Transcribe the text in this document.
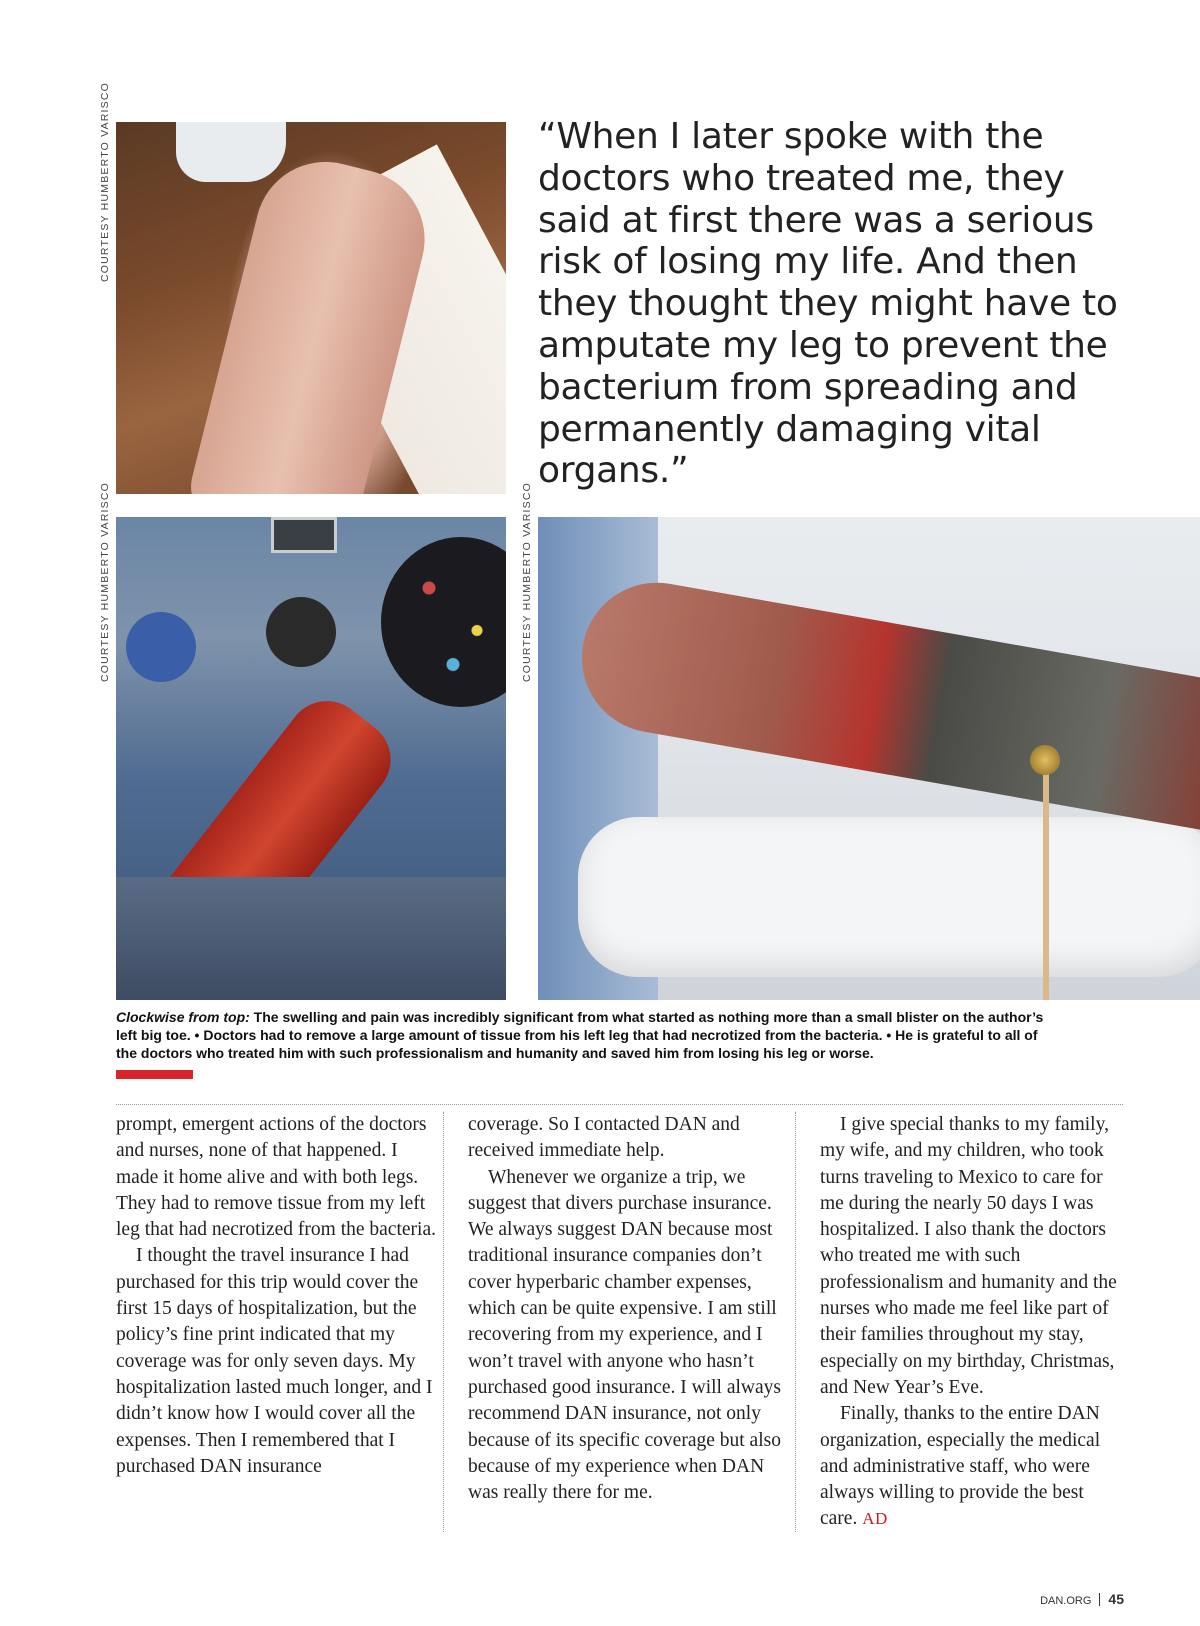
COURTESY HUMBERTO VARISCO
COURTESY HUMBERTO VARISCO	COURTESY HUMBERTO VARISCO
“When I later spoke with the doctors who treated me, they said at first there was a serious risk of losing my life. And then they thought they might have to amputate my leg to prevent the bacterium from spreading and permanently damaging vital organs.”
Clockwise from top: The swelling and pain was incredibly significant from what started as nothing more than a small blister on the author’s left big toe. • Doctors had to remove a large amount of tissue from his left leg that had necrotized from the bacteria. • He is grateful to all of the doctors who treated him with such professionalism and humanity and saved him from losing his leg or worse.

prompt, emergent actions of the doctors and nurses, none of that happened. I made it home alive and with both legs. They had to remove tissue from my left leg that had necrotized from the bacteria.

I thought the travel insurance I had purchased for this trip would cover the first 15 days of hospitalization, but the policy’s fine print indicated that my coverage was for only seven days. My hospitalization lasted much longer, and I didn’t know how I would cover all the expenses. Then I remembered that I purchased DAN insurance

coverage. So I contacted DAN and received immediate help.

Whenever we organize a trip, we suggest that divers purchase insurance. We always suggest DAN because most traditional insurance companies don’t cover hyperbaric chamber expenses, which can be quite expensive. I am still recovering from my experience, and I won’t travel with anyone who hasn’t purchased good insurance. I will always recommend DAN insurance, not only because of its specific coverage but also because of my experience when DAN was really there for me.

I give special thanks to my family, my wife, and my children, who took turns traveling to Mexico to care for me during the nearly 50 days I was hospitalized. I also thank the doctors who treated me with such professionalism and humanity and the nurses who made me feel like part of their families throughout my stay, especially on my birthday, Christmas, and New Year’s Eve.

Finally, thanks to the entire DAN organization, especially the medical and administrative staff, who were always willing to provide the best care. AD

DAN.ORG 45
